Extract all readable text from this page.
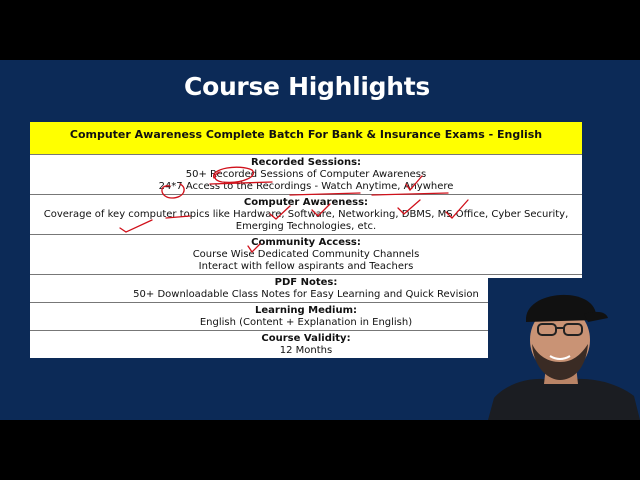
Course Highlights
Computer Awareness Complete Batch For Bank & Insurance Exams - English
Recorded Sessions:
50+ Recorded Sessions of Computer Awareness
24*7 Access to the Recordings - Watch Anytime, Anywhere
Computer Awareness:
Coverage of key computer topics like Hardware, Software, Networking, DBMS, MS Office, Cyber Security,
Emerging Technologies, etc.
Community Access:
Course Wise Dedicated Community Channels
Interact with fellow aspirants and Teachers
PDF Notes:
50+ Downloadable Class Notes for Easy Learning and Quick Revision
Learning Medium:
English (Content + Explanation in English)
Course Validity:
12 Months
